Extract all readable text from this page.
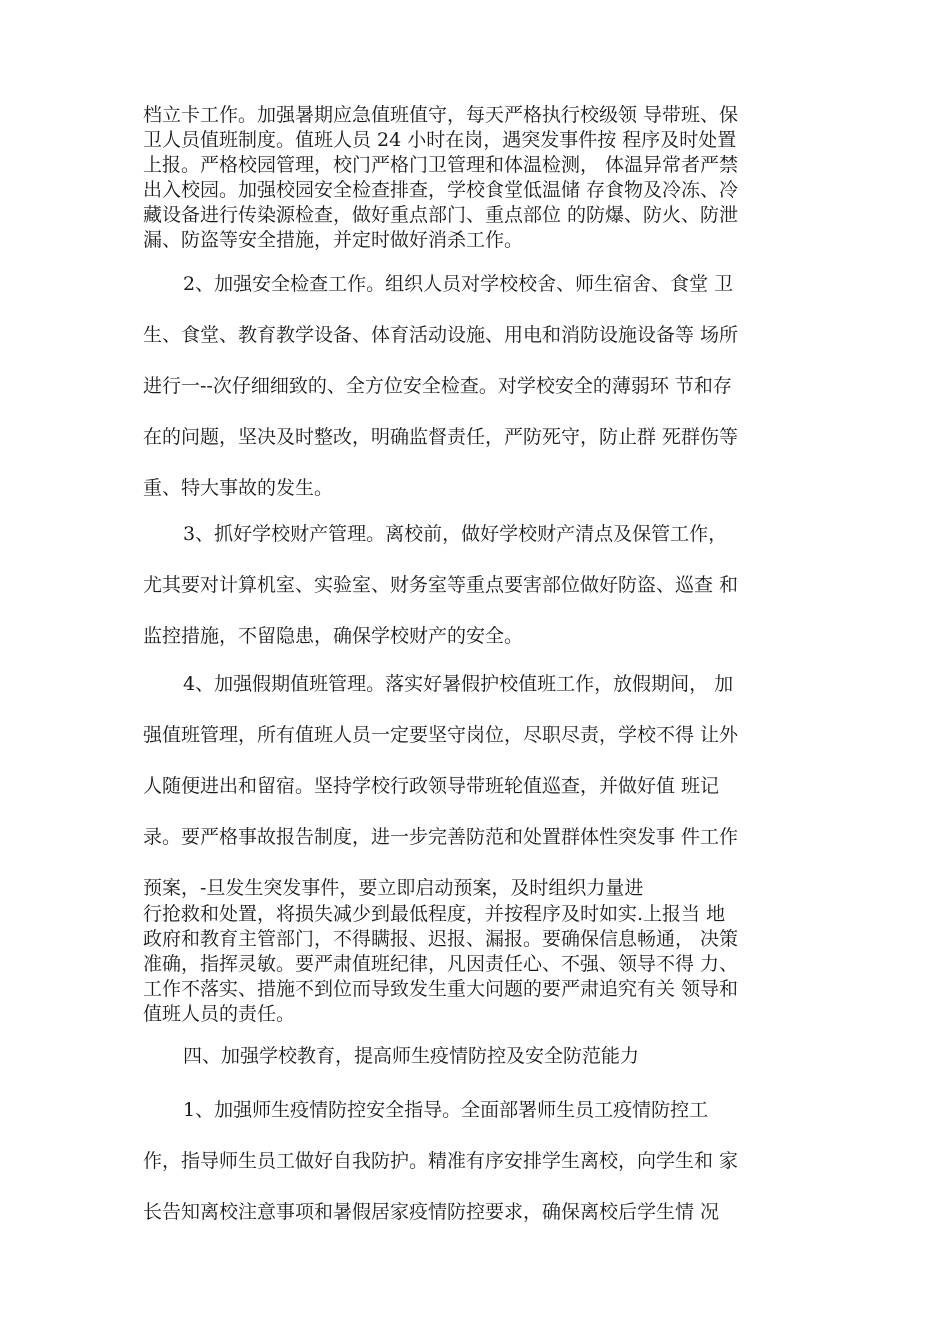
档立卡工作。加强暑期应急值班值守，每天严格执行校级领 导带班、保
卫人员值班制度。值班人员 24 小时在岗，遇突发事件按 程序及时处置
上报。严格校园管理，校门严格门卫管理和体温检测， 体温异常者严禁
出入校园。加强校园安全检查排查，学校食堂低温储 存食物及冷冻、冷
藏设备进行传染源检查，做好重点部门、重点部位 的防爆、防火、防泄
漏、防盗等安全措施，并定时做好消杀工作。
2、加强安全检查工作。组织人员对学校校舍、师生宿舍、食堂 卫
生、食堂、教育教学设备、体育活动设施、用电和消防设施设备等 场所
进行一--次仔细细致的、全方位安全检查。对学校安全的薄弱环 节和存
在的问题，坚决及时整改，明确监督责任，严防死守，防止群 死群伤等
重、特大事故的发生。
3、抓好学校财产管理。离校前，做好学校财产清点及保管工作，
尤其要对计算机室、实验室、财务室等重点要害部位做好防盗、巡查 和
监控措施，不留隐患，确保学校财产的安全。
4、加强假期值班管理。落实好暑假护校值班工作，放假期间， 加
强值班管理，所有值班人员一定要坚守岗位，尽职尽责，学校不得 让外
人随便进出和留宿。坚持学校行政领导带班轮值巡查，并做好值 班记
录。要严格事故报告制度，进一步完善防范和处置群体性突发事 件工作
预案，-旦发生突发事件，要立即启动预案，及时组织力量进
行抢救和处置，将损失减少到最低程度，并按程序及时如实.上报当 地
政府和教育主管部门，不得瞒报、迟报、漏报。要确保信息畅通， 决策
准确，指挥灵敏。要严肃值班纪律，凡因责任心、不强、领导不得 力、
工作不落实、措施不到位而导致发生重大问题的要严肃追究有关 领导和
值班人员的责任。
四、加强学校教育，提高师生疫情防控及安全防范能力
1、加强师生疫情防控安全指导。全面部署师生员工疫情防控工
作，指导师生员工做好自我防护。精准有序安排学生离校，向学生和 家
长告知离校注意事项和暑假居家疫情防控要求，确保离校后学生情 况
